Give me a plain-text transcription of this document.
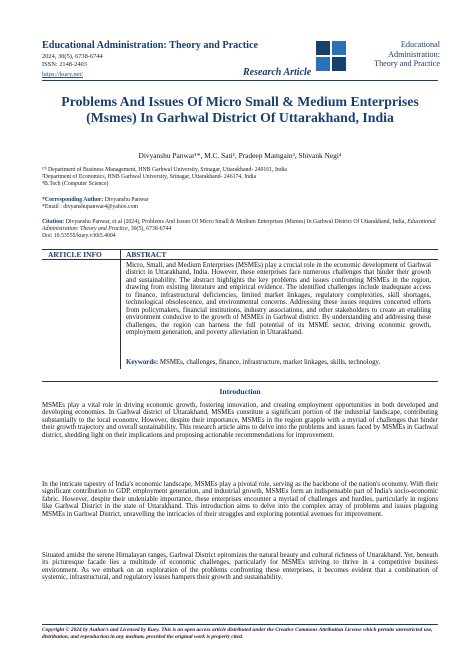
Educational Administration: Theory and Practice
2024, 30(5), 6738-6744
ISSN: 2148-2403
https://kuey.net/	Research Article
Educational
Administration:
Theory and Practice
Problems And Issues Of Micro Small & Medium Enterprises (Msmes) In Garhwal District Of Uttarakhand, India
Divyanshu Panwar¹*, M.C. Sati², Pradeep Mamgain³, Shivank Negi⁴
¹'³ Department of Business Management, HNB Garhwal University, Srinagar, Uttarakhand- 249161, India
²Department of Economics, HNB Garhwal University, Srinagar, Uttarakhand- 246174, India
⁴B.Tech (Computer Science)
*Corresponding Author: Divyanshu Panwar
*Email : divyanshupanwar4@yahoo.com
Citation: Divyanshu Panwar, et al (2024), Problems And Issues Of Micro Small & Medium Enterprises (Msmes) In Garhwal District Of Uttarakhand, India, Educational Administration: Theory and Practice, 30(5), 6738-6744
Doi: 10.53555/kuey.v30i5.4004
ARTICLE INFO	ABSTRACT
Micro, Small, and Medium Enterprises (MSMEs) play a crucial role in the economic development of Garhwal district in Uttarakhand, India. However, these enterprises face numerous challenges that hinder their growth and sustainability. The abstract highlights the key problems and issues confronting MSMEs in the region, drawing from existing literature and empirical evidence. The identified challenges include inadequate access to finance, infrastructural deficiencies, limited market linkages, regulatory complexities, skill shortages, technological obsolescence, and environmental concerns. Addressing these issues requires concerted efforts from policymakers, financial institutions, industry associations, and other stakeholders to create an enabling environment conducive to the growth of MSMEs in Garhwal district. By understanding and addressing these challenges, the region can harness the full potential of its MSME sector, driving economic growth, employment generation, and poverty alleviation in Uttarakhand.
Keywords: MSMEs, challenges, finance, infrastructure, market linkages, skills, technology.
Introduction
MSMEs play a vital role in driving economic growth, fostering innovation, and creating employment opportunities in both developed and developing economies. In Garhwal district of Uttarakhand, MSMEs constitute a significant portion of the industrial landscape, contributing substantially to the local economy. However, despite their importance, MSMEs in the region grapple with a myriad of challenges that hinder their growth trajectory and overall sustainability. This research article aims to delve into the problems and issues faced by MSMEs in Garhwal district, shedding light on their implications and proposing actionable recommendations for improvement.
In the intricate tapestry of India's economic landscape, MSMEs play a pivotal role, serving as the backbone of the nation's economy. With their significant contribution to GDP, employment generation, and industrial growth, MSMEs form an indispensable part of India's socio-economic fabric. However, despite their undeniable importance, these enterprises encounter a myriad of challenges and hurdles, particularly in regions like Garhwal District in the state of Uttarakhand. This introduction aims to delve into the complex array of problems and issues plaguing MSMEs in Garhwal District, unravelling the intricacies of their struggles and exploring potential avenues for improvement.
Situated amidst the serene Himalayan ranges, Garhwal District epitomizes the natural beauty and cultural richness of Uttarakhand. Yet, beneath its picturesque facade lies a multitude of economic challenges, particularly for MSMEs striving to thrive in a competitive business environment. As we embark on an exploration of the problems confronting these enterprises, it becomes evident that a combination of systemic, infrastructural, and regulatory issues hampers their growth and sustainability.
Copyright © 2024 by Author/s and Licensed by Kuey. This is an open access article distributed under the Creative Commons Attribution License which permits unrestricted use, distribution, and reproduction in any medium, provided the original work is properly cited.
